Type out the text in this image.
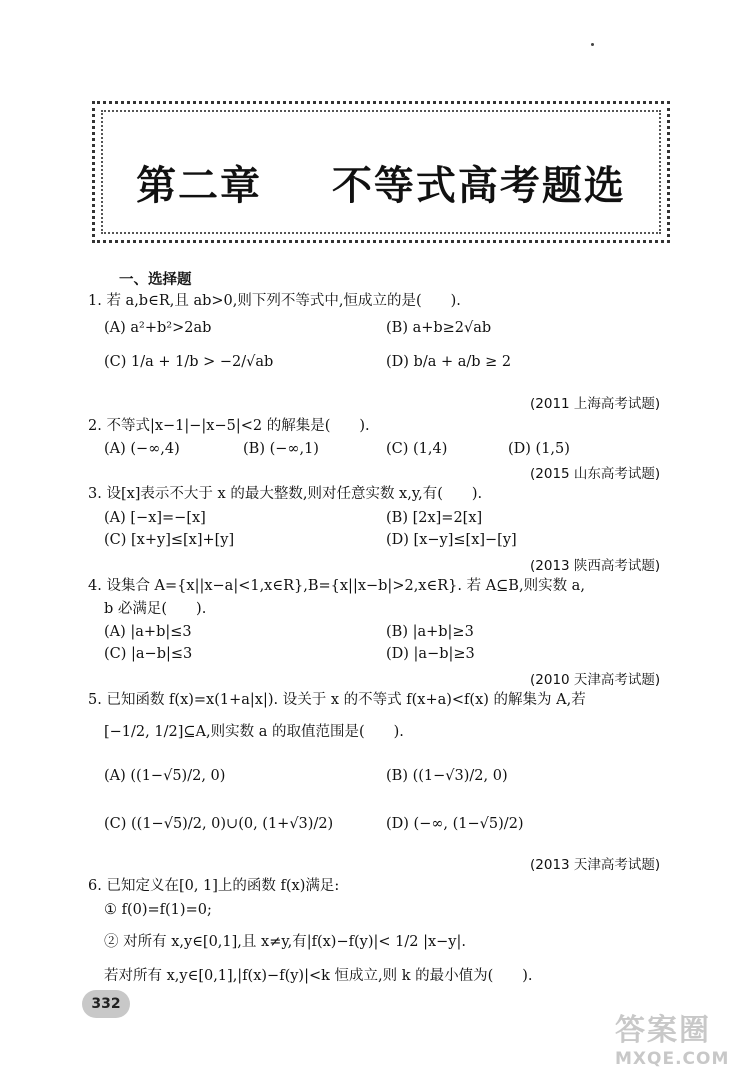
第二章 不等式高考题选
一、选择题
1. 若 a,b∈R,且 ab>0,则下列不等式中,恒成立的是(　　).
(A) a²+b²>2ab	(B) a+b≥2√ab
(C) 1/a + 1/b > −2/√ab	(D) b/a + a/b ≥ 2
(2011 上海高考试题)
2. 不等式|x−1|−|x−5|<2 的解集是(　　).
(A) (−∞,4)	(B) (−∞,1)	(C) (1,4)	(D) (1,5)
(2015 山东高考试题)
3. 设[x]表示不大于 x 的最大整数,则对任意实数 x,y,有(　　).
(A) [−x]=−[x]	(B) [2x]=2[x]
(C) [x+y]≤[x]+[y]	(D) [x−y]≤[x]−[y]
(2013 陕西高考试题)
4. 设集合 A={x||x−a|<1,x∈R},B={x||x−b|>2,x∈R}. 若 A⊆B,则实数 a,
b 必满足(　　).
(A) |a+b|≤3	(B) |a+b|≥3
(C) |a−b|≤3	(D) |a−b|≥3
(2010 天津高考试题)
5. 已知函数 f(x)=x(1+a|x|). 设关于 x 的不等式 f(x+a)<f(x) 的解集为 A,若
[−1/2, 1/2]⊆A,则实数 a 的取值范围是(　　).
(A) ((1−√5)/2, 0)	(B) ((1−√3)/2, 0)
(C) ((1−√5)/2, 0)∪(0, (1+√3)/2)	(D) (−∞, (1−√5)/2)
(2013 天津高考试题)
6. 已知定义在[0, 1]上的函数 f(x)满足:
① f(0)=f(1)=0;
② 对所有 x,y∈[0,1],且 x≠y,有|f(x)−f(y)|< 1/2 |x−y|.
若对所有 x,y∈[0,1],|f(x)−f(y)|<k 恒成立,则 k 的最小值为(　　).
332
答案圈
MXQE.COM
